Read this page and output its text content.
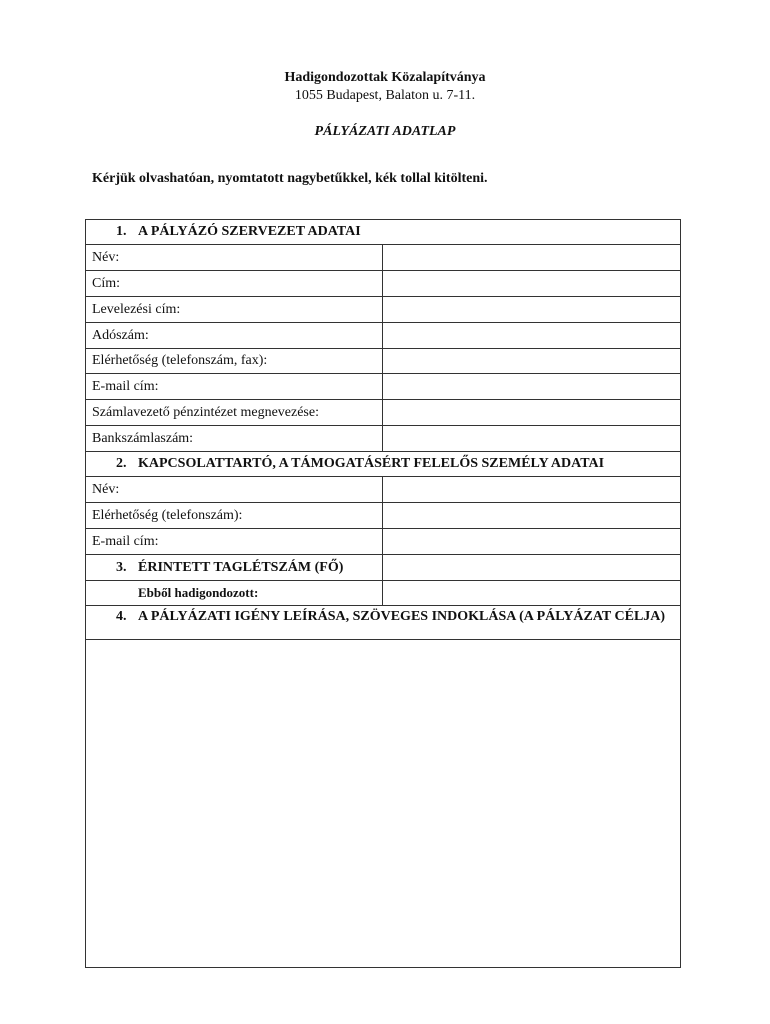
Hadigondozottak Közalapítványa
1055 Budapest, Balaton u. 7-11.
PÁLYÁZATI ADATLAP
Kérjük olvashatóan, nyomtatott nagybetűkkel, kék tollal kitölteni.
1. A PÁLYÁZÓ SZERVEZET ADATAI
Név:
Cím:
Levelezési cím:
Adószám:
Elérhetőség (telefonszám, fax):
E-mail cím:
Számlavezető pénzintézet megnevezése:
Bankszámlaszám:
2. KAPCSOLATTARTÓ, A TÁMOGATÁSÉRT FELELŐS SZEMÉLY ADATAI
Név:
Elérhetőség (telefonszám):
E-mail cím:
3. ÉRINTETT TAGLÉTSZÁM (FŐ)
Ebből hadigondozott:
4. A PÁLYÁZATI IGÉNY LEÍRÁSA, SZÖVEGES INDOKLÁSA (A PÁLYÁZAT CÉLJA)
